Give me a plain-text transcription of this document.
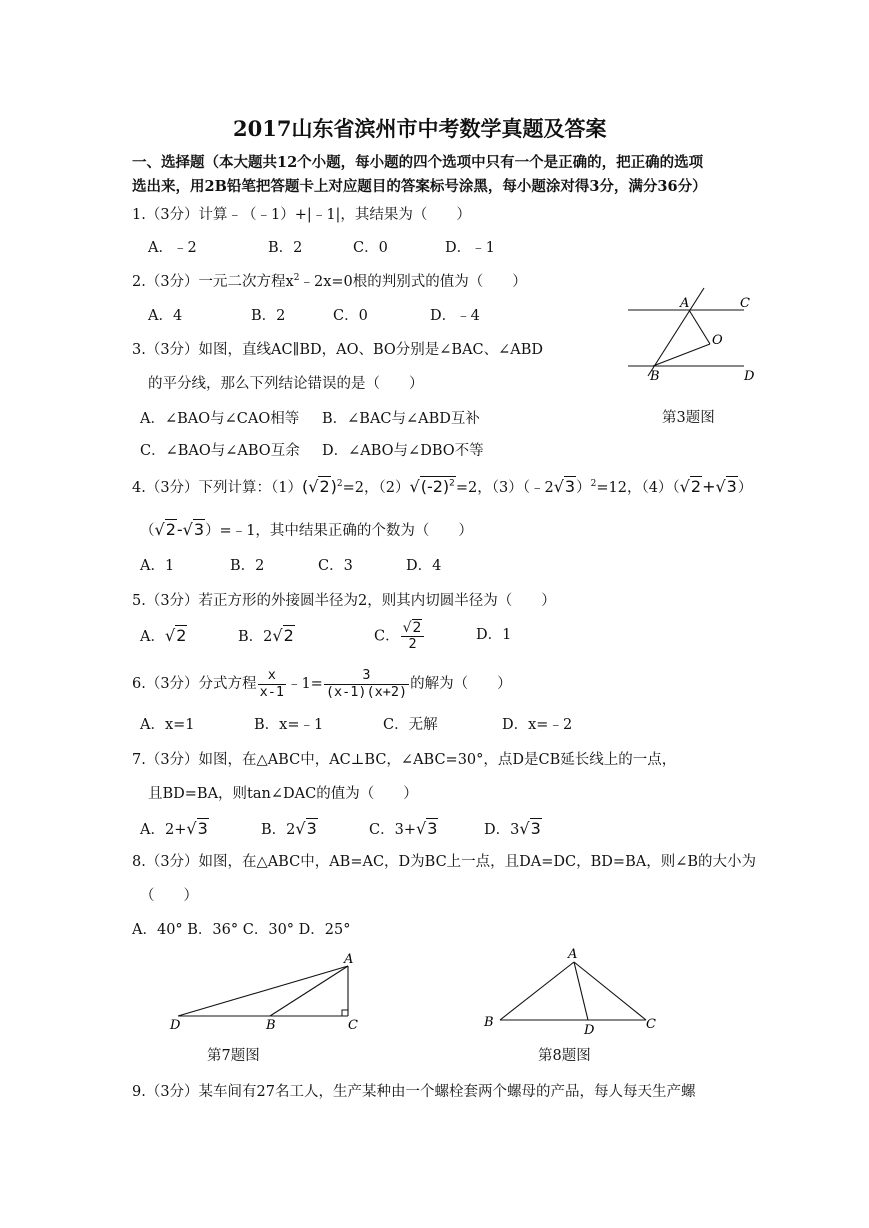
2017山东省滨州市中考数学真题及答案
一、选择题（本大题共12个小题，每小题的四个选项中只有一个是正确的，把正确的选项
选出来，用2B铅笔把答题卡上对应题目的答案标号涂黑，每小题涂对得3分，满分36分）
1.（3分）计算﹣（﹣1）+|﹣1|，其结果为（　　）
A．﹣2	B．2	C．0	D．﹣1
2.（3分）一元二次方程$x^2﹣2x=0$根的判别式的值为（　　）
A．4	B．2	C．0	D．﹣4
A	C
O
B	D
第3题图
3.（3分）如图，直线AC∥BD，AO、BO分别是∠BAC、∠ABD
的平分线，那么下列结论错误的是（　　）
A．∠BAO与∠CAO相等 B．∠BAC与∠ABD互补
C．∠BAO与∠ABO互余 D．∠ABO与∠DBO不等
4.（3分）下列计算：$(1)(√2)^2=2$，$(2)√(-2)^2=2$，（3）（﹣2√3）$^2$=12，（4）（√2+√3）
（√2-√3）=﹣1，其中结果正确的个数为（　　）
A．1	B．2	C．3	D．4
5.（3分）若正方形的外接圆半径为2，则其内切圆半径为（　　）
A．√2	B．2√2	C． $\frac{√2}{2}$	D．1
6.（3分）分式方程 $\frac{x}{x-1}$ ﹣1= $\frac{3}{(x-1)(x+2)}$ 的解为（　　）
A．x=1	B．x=﹣1	C．无解	D．x=﹣2
7.（3分）如图，在△ABC中，AC⊥BC，∠ABC=30°，点D是CB延长线上的一点，
且BD=BA，则tan∠DAC的值为（　　）
A．2+√3	B．2√3	C．3+√3	D．3√3
8.（3分）如图，在△ABC中，AB=AC，D为BC上一点，且DA=DC，BD=BA，则∠B的大小为
（　　）
A．40° B．36° C．30° D．25°
A
D	B	C
第7题图
A
B
D	C
第8题图
9.（3分）某车间有27名工人，生产某种由一个螺栓套两个螺母的产品，每人每天生产螺
